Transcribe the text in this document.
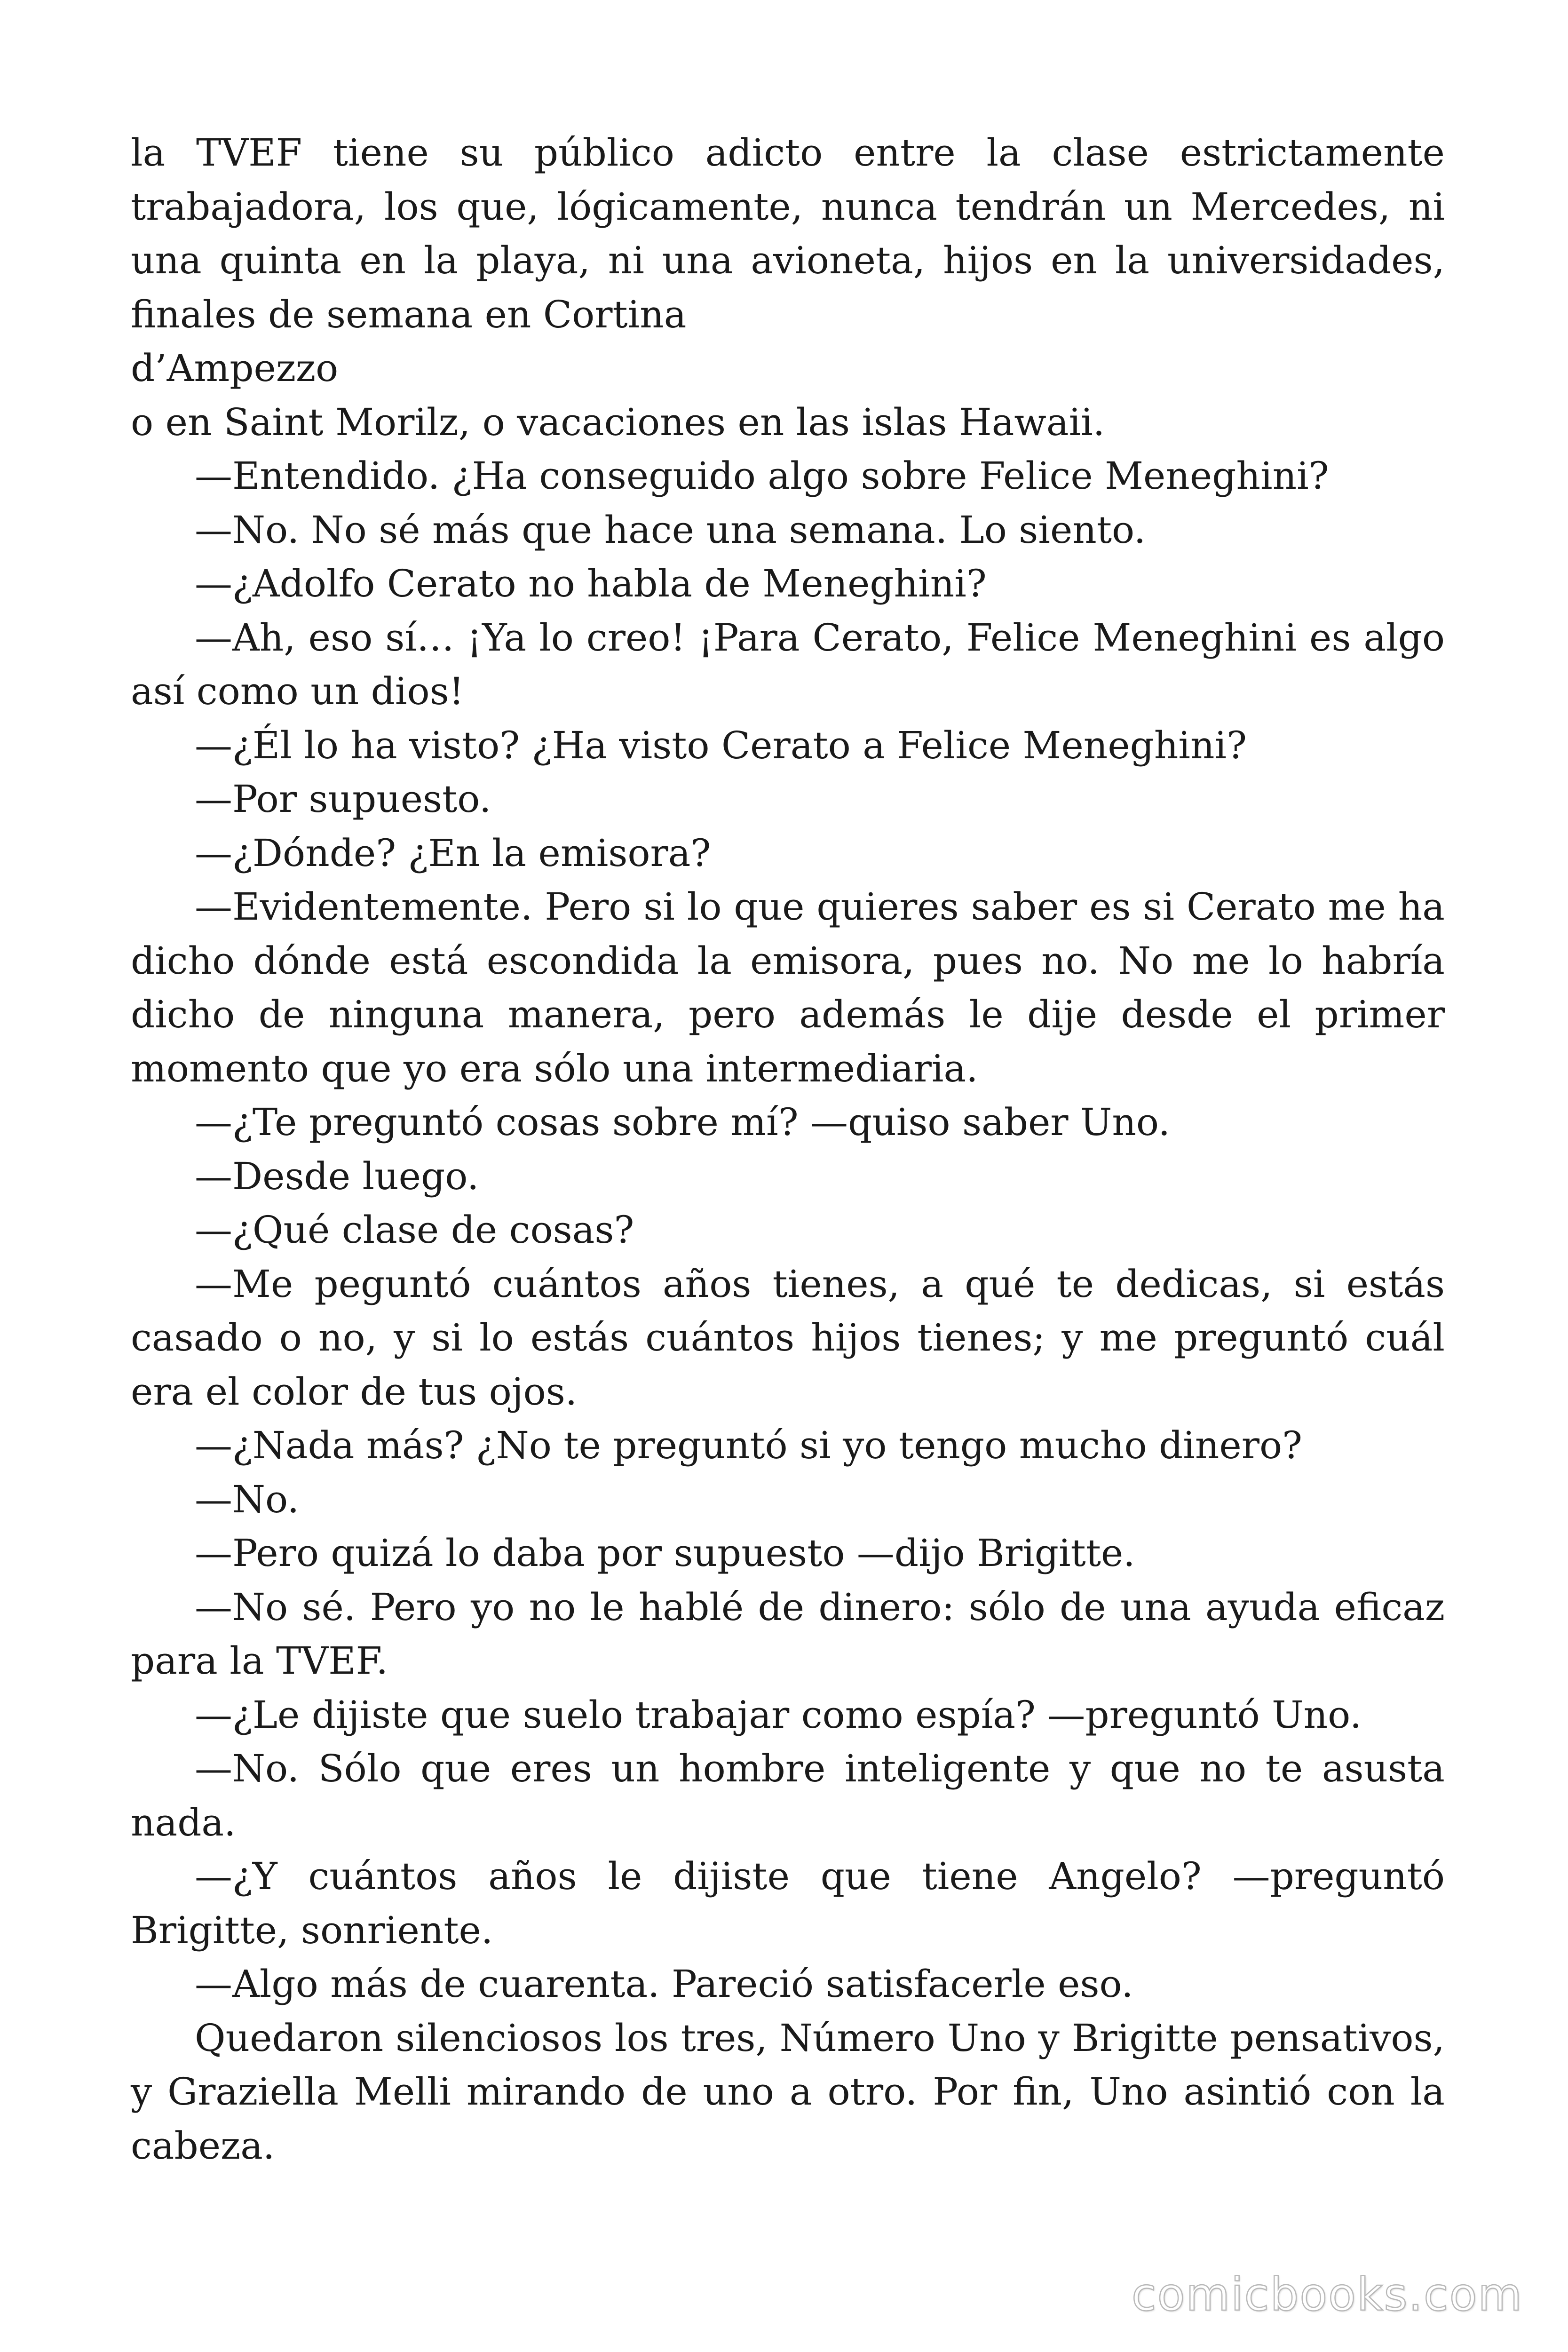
la TVEF tiene su público adicto entre la clase estrictamente trabajadora, los que, lógicamente, nunca tendrán un Mercedes, ni una quinta en la playa, ni una avioneta, hijos en la universidades, finales de semana en Cortina

d’Ampezzo

o en Saint Morilz, o vacaciones en las islas Hawaii.

—Entendido. ¿Ha conseguido algo sobre Felice Meneghini?

—No. No sé más que hace una semana. Lo siento.

—¿Adolfo Cerato no habla de Meneghini?

—Ah, eso sí… ¡Ya lo creo! ¡Para Cerato, Felice Meneghini es algo así como un dios!

—¿Él lo ha visto? ¿Ha visto Cerato a Felice Meneghini?

—Por supuesto.

—¿Dónde? ¿En la emisora?

—Evidentemente. Pero si lo que quieres saber es si Cerato me ha dicho dónde está escondida la emisora, pues no. No me lo habría dicho de ninguna manera, pero además le dije desde el primer momento que yo era sólo una intermediaria.

—¿Te preguntó cosas sobre mí? —quiso saber Uno.

—Desde luego.

—¿Qué clase de cosas?

—Me peguntó cuántos años tienes, a qué te dedicas, si estás casado o no, y si lo estás cuántos hijos tienes; y me preguntó cuál era el color de tus ojos.

—¿Nada más? ¿No te preguntó si yo tengo mucho dinero?

—No.

—Pero quizá lo daba por supuesto —dijo Brigitte.

—No sé. Pero yo no le hablé de dinero: sólo de una ayuda eficaz para la TVEF.

—¿Le dijiste que suelo trabajar como espía? —preguntó Uno.

—No. Sólo que eres un hombre inteligente y que no te asusta nada.

—¿Y cuántos años le dijiste que tiene Angelo? —preguntó Brigitte, sonriente.

—Algo más de cuarenta. Pareció satisfacerle eso.

Quedaron silenciosos los tres, Número Uno y Brigitte pensativos, y Graziella Melli mirando de uno a otro. Por fin, Uno asintió con la cabeza.

comicbooks.com
